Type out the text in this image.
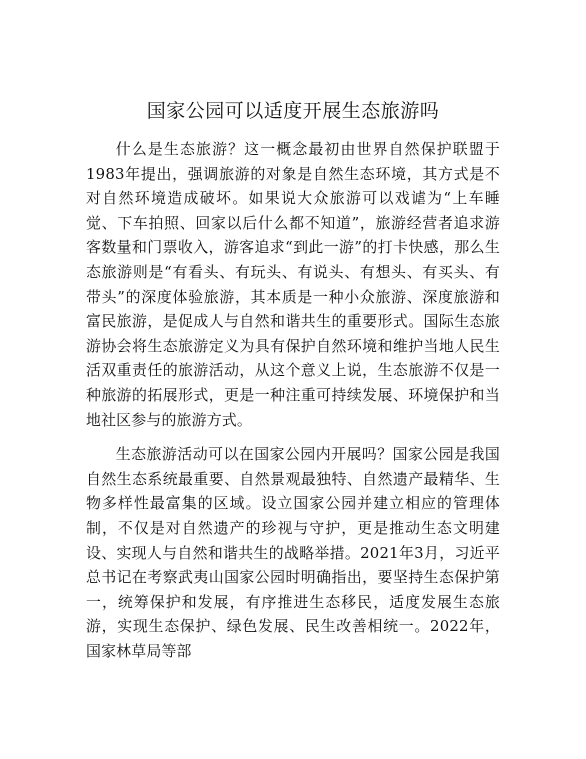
国家公园可以适度开展生态旅游吗

什么是生态旅游？这一概念最初由世界自然保护联盟于1983年提出，强调旅游的对象是自然生态环境，其方式是不对自然环境造成破坏。如果说大众旅游可以戏谑为“上车睡觉、下车拍照、回家以后什么都不知道”，旅游经营者追求游客数量和门票收入，游客追求“到此一游”的打卡快感，那么生态旅游则是“有看头、有玩头、有说头、有想头、有买头、有带头”的深度体验旅游，其本质是一种小众旅游、深度旅游和富民旅游，是促成人与自然和谐共生的重要形式。国际生态旅游协会将生态旅游定义为具有保护自然环境和维护当地人民生活双重责任的旅游活动，从这个意义上说，生态旅游不仅是一种旅游的拓展形式，更是一种注重可持续发展、环境保护和当地社区参与的旅游方式。

生态旅游活动可以在国家公园内开展吗？国家公园是我国自然生态系统最重要、自然景观最独特、自然遗产最精华、生物多样性最富集的区域。设立国家公园并建立相应的管理体制，不仅是对自然遗产的珍视与守护，更是推动生态文明建设、实现人与自然和谐共生的战略举措。2021年3月，习近平总书记在考察武夷山国家公园时明确指出，要坚持生态保护第一，统筹保护和发展，有序推进生态移民，适度发展生态旅游，实现生态保护、绿色发展、民生改善相统一。2022年，国家林草局等部
